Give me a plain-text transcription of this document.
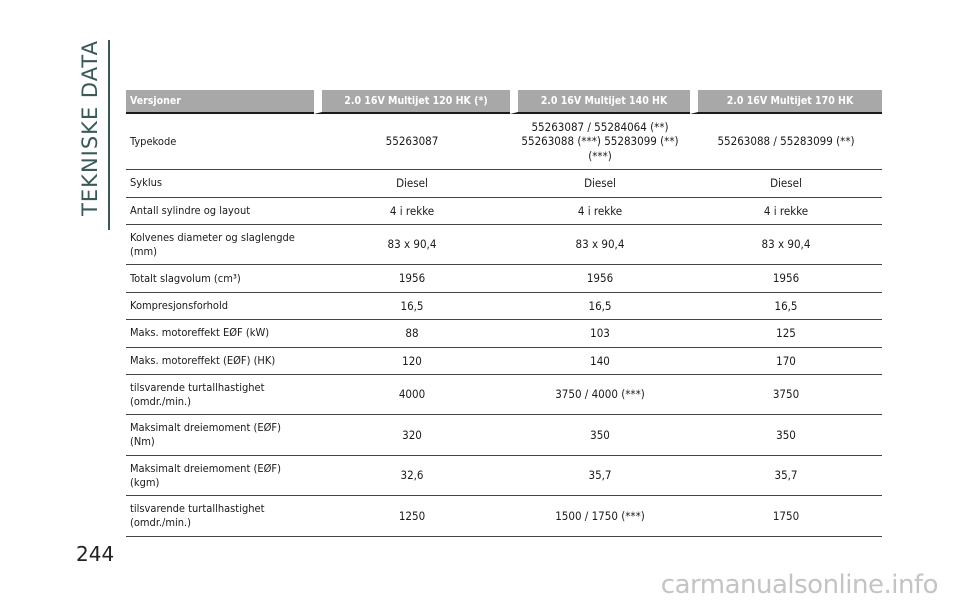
TEKNISKE DATA	Versjoner	2.0 16V Multijet 120 HK (*)	2.0 16V Multijet 140 HK	2.0 16V Multijet 170 HK
Typekode	55263087	55263087 / 55284064 (**)
55263088 (***) 55283099 (**)
(***)	55263088 / 55283099 (**)
Syklus	Diesel	Diesel	Diesel
Antall sylindre og layout	4 i rekke	4 i rekke	4 i rekke
Kolvenes diameter og slaglengde
(mm)	83 x 90,4	83 x 90,4	83 x 90,4
Totalt slagvolum (cm³)	1956	1956	1956
Kompresjonsforhold	16,5	16,5	16,5
Maks. motoreffekt EØF (kW)	88	103	125
Maks. motoreffekt (EØF) (HK)	120	140	170
tilsvarende turtallhastighet
(omdr./min.)	4000	3750 / 4000 (***)	3750
Maksimalt dreiemoment (EØF)
(Nm)	320	350	350
Maksimalt dreiemoment (EØF)
(kgm)	32,6	35,7	35,7
tilsvarende turtallhastighet
(omdr./min.)	1250	1500 / 1750 (***)	1750
244
carmanualsonline.info
